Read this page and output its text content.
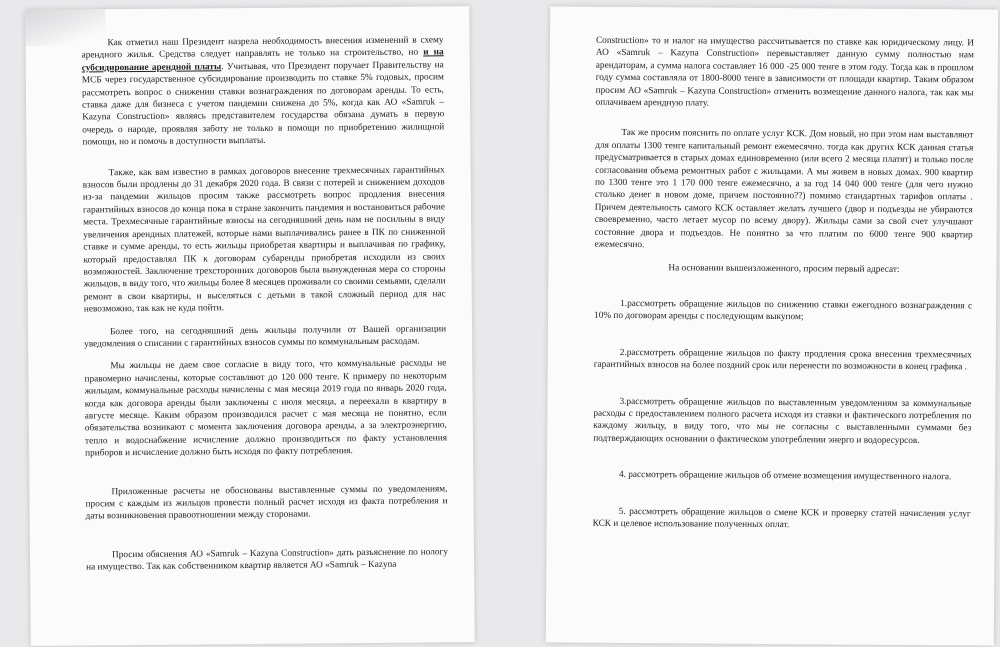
Как отметил наш Президент назрела необходимость внесения изменений в схему арендного жилья. Средства следует направлять не только на строительство, но и на субсидирование арендной платы. Учитывая, что Президент поручает Правительству на МСБ через государственное субсидирование производить по ставке 5% годовых, просим рассмотреть вопрос о снижении ставки вознаграждения по договорам аренды. То есть, ставка даже для бизнеса с учетом пандемии снижена до 5%, когда как АО «Samruk – Kazyna Construction» являясь представителем государства обязана думать в первую очередь о народе, проявляя заботу не только в помощи по приобретению жилищной помощи, но и помочь в доступности выплаты.

Также, как вам известно в рамках договоров внесение трехмесячных гарантийных взносов были продлены до 31 декабря 2020 года. В связи с потерей и снижением доходов из-за пандемии жильцов просим также рассмотреть вопрос продления внесения гарантийных взносов до конца пока в стране закончить пандемия и востановиться рабочие места. Трехмесячные гарантийные взносы на сегодняшний день нам не посильны в виду увеличения арендных платежей, которые нами выплачивались ранее в ПК по сниженной ставке и сумме аренды, то есть жильцы приобретая квартиры и выплачивая по графику, который предоставлял ПК к договорам субаренды приобретая исходили из своих возможностей. Заключение трехсторонних договоров была вынужденная мера со стороны жильцов, в виду того, что жильцы более 8 месяцев проживали со своими семьями, сделали ремонт в свои квартиры, и выселяться с детьми в такой сложный период для нас невозможно, так как не куда пойти.

Более того, на сегодняшний день жильцы получили от Вашей организации уведомления о списании с гарантийных взносов суммы по коммунальным расходам.

Мы жильцы не даем свое согласие в виду того, что коммунальные расходы не правомерно начислены, которые составляют до 120 000 тенге. К примеру по некоторым жильцам, коммунальные расходы начислены с мая месяца 2019 года по январь 2020 года, когда как договора аренды были заключены с июля месяца, а переехали в квартиру в августе месяце. Каким образом производился расчет с мая месяца не понятно, если обязательства возникают с момента заключения договора аренды, а за электроэнергию, тепло и водоснабжение исчисление должно производиться по факту установления приборов и исчисление должно быть исходя по факту потребления.

Приложенные расчеты не обоснованы выставленные суммы по уведомлениям, просим с каждым из жильцов провести полный расчет исходя из факта потребления и даты возникновения правоотношении между сторонами.

Просим обяснения АО «Samruk – Kazyna Construction» дать разъяснение по нологу на имущество. Так как собственником квартир является АО «Samruk – Kazyna

Construction» то и налог на имущество рассчитывается по ставке как юридическому лицу. И АО «Samruk – Kazyna Construction» перевыставляет данную сумму полностью нам арендаторам, а сумма налога составляет 16 000 -25 000 тенге в этом году. Тогда как в прошлом году сумма составляла от 1800-8000 тенге в зависимости от площади квартир. Таким образом просим АО «Samruk – Kazyna Construction» отменить возмещение данного налога, так как мы оплачиваем арендную плату.

Так же просим пояснить по оплате услуг КСК. Дом новый, но при этом нам выставляют для оплаты 1300 тенге капитальный ремонт ежемесячно. тогда как других КСК данная статья предусматривается в старых домах единовременно (или всего 2 месяца платят) и только после согласования объема ремонтных работ с жильцами. А мы живем в новых домах. 900 квартир по 1300 тенге это 1 170 000 тенге ежемесячно, а за год 14 040 000 тенге (для чего нужно столько денег в новом доме, причем постоянно??) помимо стандартных тарифов оплаты . Причем деятельность самого КСК оставляет желать лучшего (двор и подъезды не убираются своевременно, часто летает мусор по всему двору). Жильцы сами за свой счет улучшают состояние двора и подъездов. Не понятно за что платим по 6000 тенге 900 квартир ежемесячно.

На основании вышеизложенного, просим первый адресат:

1.рассмотреть обращение жильцов по снижению ставки ежегодного вознаграждения с 10% по договорам аренды с последующим выкупом;

2.рассмотреть обращение жильцов по факту продления срока внесения трехмесячных гарантийных взносов на более поздний срок или перенести по возможности в конец графика .

3.рассмотреть обращение жильцов по выставленным уведомлениям за коммунальные расходы с предоставлением полного расчета исходя из ставки и фактического потребления по каждому жильцу, в виду того, что мы не согласны с выставленными суммами без подтверждающих основании о фактическом употреблении энерго и водоресурсов.

4. рассмотреть обращение жильцов об отмене возмещения имущественного налога.

5. рассмотреть обращение жильцов о смене КСК и проверку статей начисления услуг КСК и целевое использование полученных оплат.
